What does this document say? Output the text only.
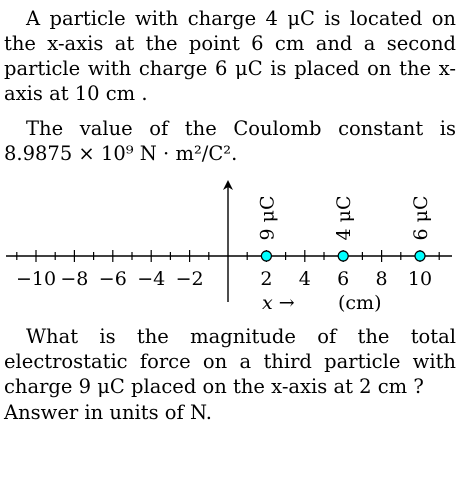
A particle with charge 4 μC is located on the x-axis at the point 6 cm and a second particle with charge 6 μC is placed on the x-axis at 10 cm .

The value of the Coulomb constant is 8.9875 × 10⁹ N · m²/C².

−10 −8 −6 −4 −2	2 4 6 8 10
9 μC	4 μC	6 μC
x → (cm)

What is the magnitude of the total electrostatic force on a third particle with charge 9 μC placed on the x-axis at 2 cm ?

Answer in units of N.
